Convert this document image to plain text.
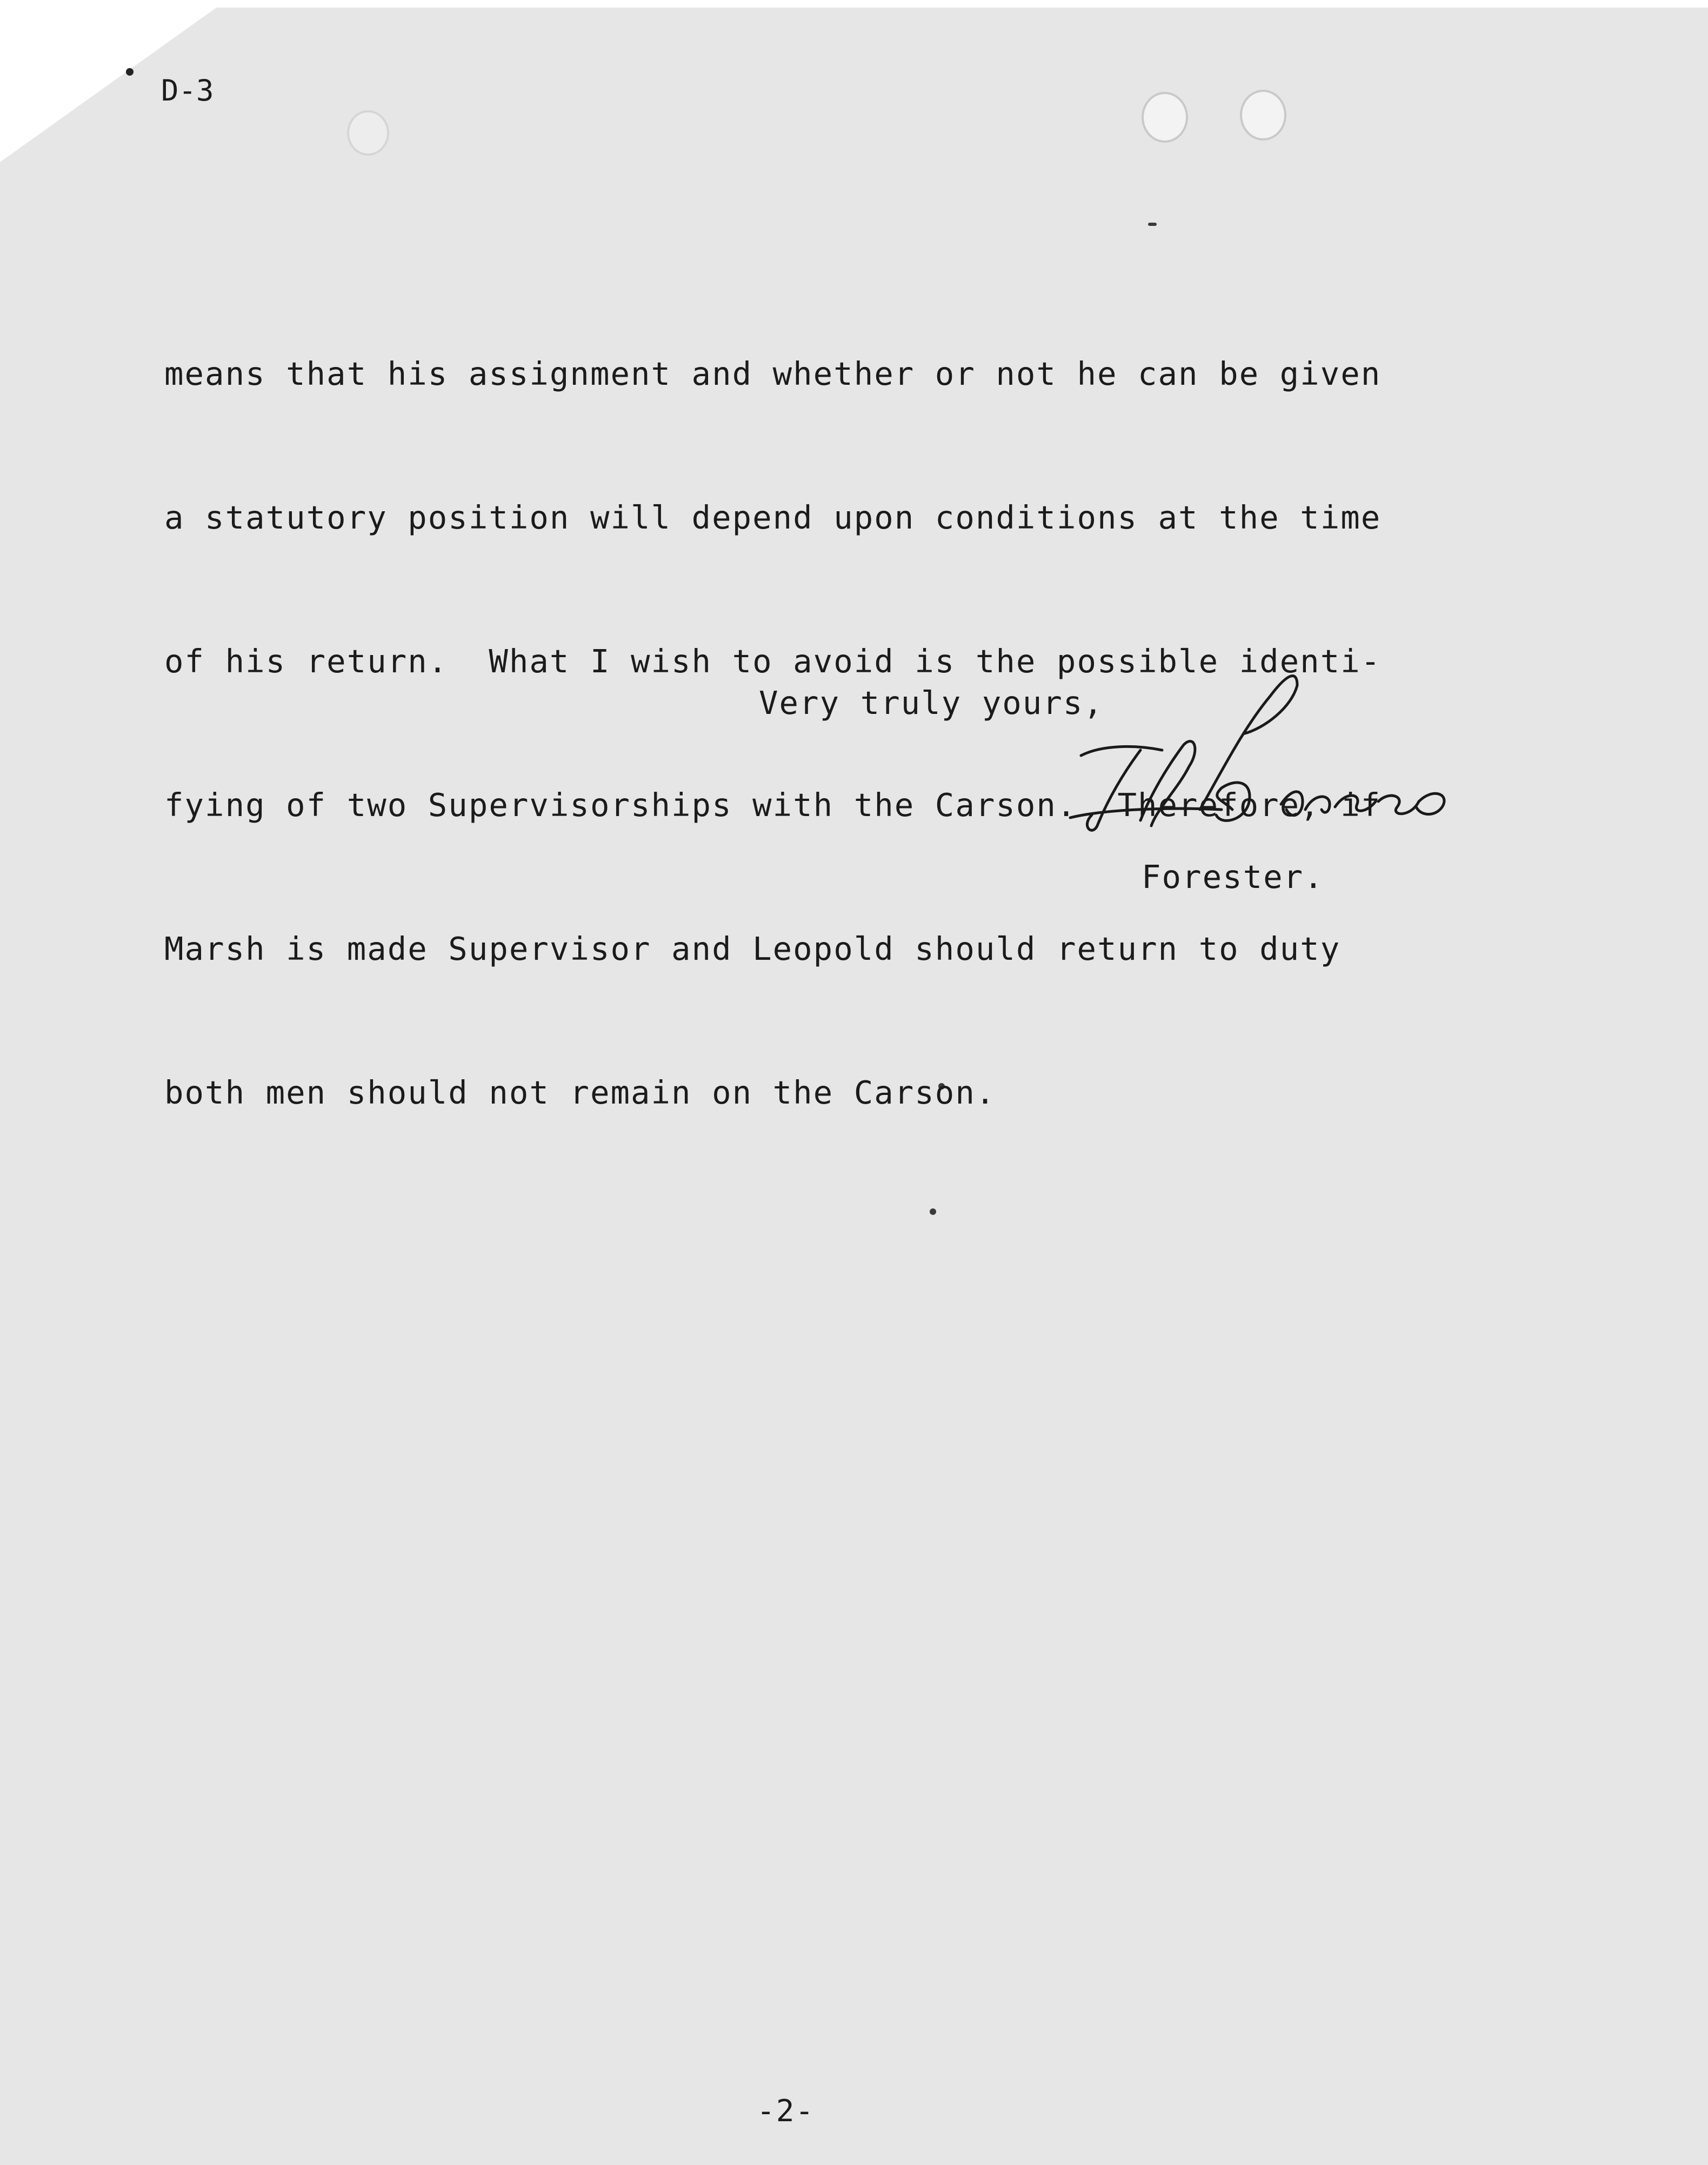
D-3

means that his assignment and whether or not he can be given

a statutory position will depend upon conditions at the time

of his return.  What I wish to avoid is the possible identi-

fying of two Supervisorships with the Carson.  Therefore, if

Marsh is made Supervisor and Leopold should return to duty

both men should not remain on the Carson.

Very truly yours,
Forester.
-2-
